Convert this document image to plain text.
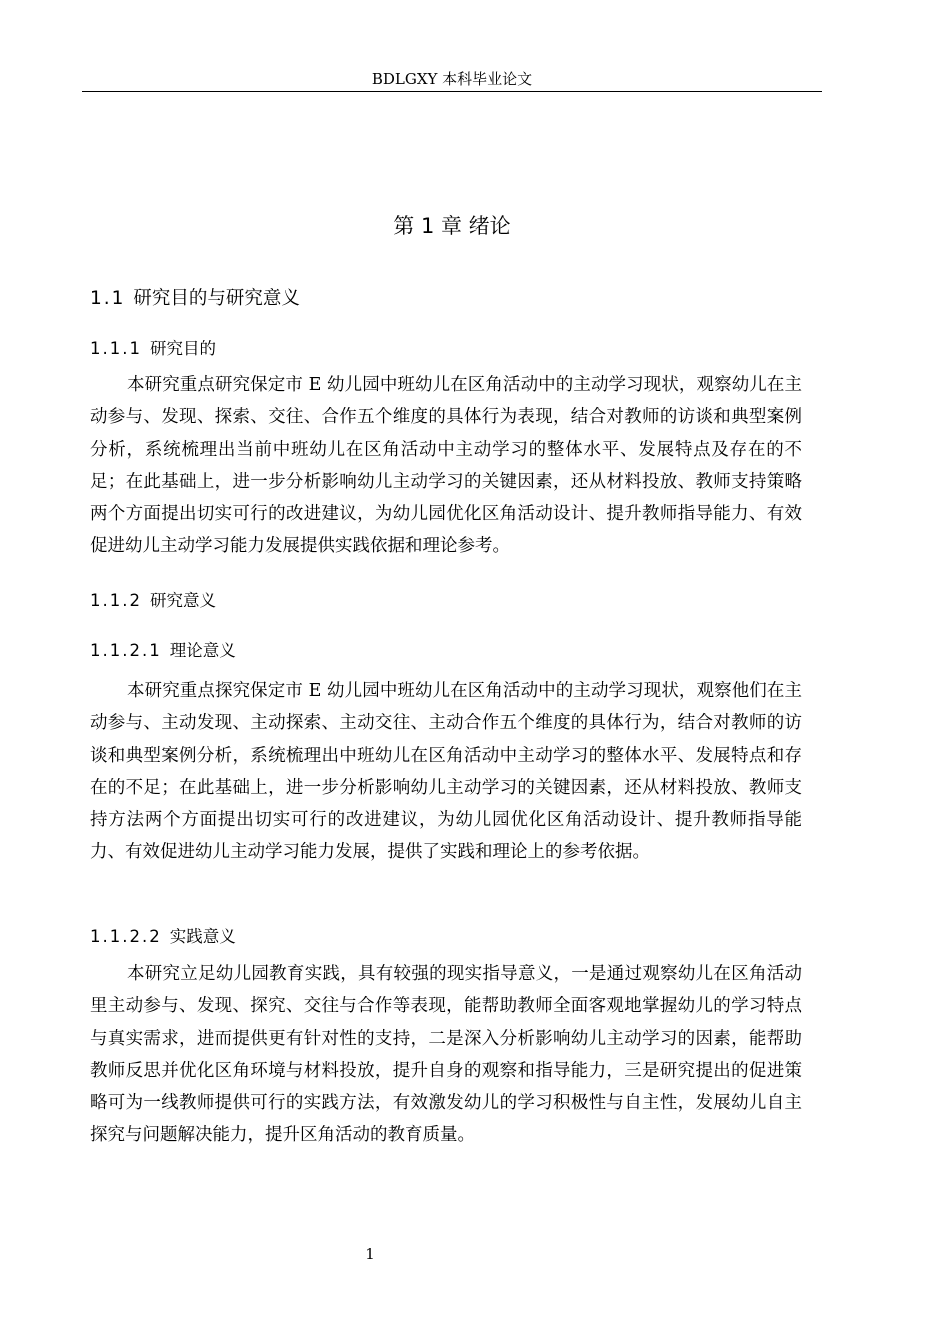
BDLGXY 本科毕业论文
第 1 章 绪论
1.1 研究目的与研究意义
1.1.1 研究目的

本研究重点研究保定市 E 幼儿园中班幼儿在区角活动中的主动学习现状，观察幼儿在主动参与、发现、探索、交往、合作五个维度的具体行为表现，结合对教师的访谈和典型案例分析，系统梳理出当前中班幼儿在区角活动中主动学习的整体水平、发展特点及存在的不足；在此基础上，进一步分析影响幼儿主动学习的关键因素，还从材料投放、教师支持策略两个方面提出切实可行的改进建议，为幼儿园优化区角活动设计、提升教师指导能力、有效促进幼儿主动学习能力发展提供实践依据和理论参考。

1.1.2 研究意义
1.1.2.1 理论意义

本研究重点探究保定市 E 幼儿园中班幼儿在区角活动中的主动学习现状，观察他们在主动参与、主动发现、主动探索、主动交往、主动合作五个维度的具体行为，结合对教师的访谈和典型案例分析，系统梳理出中班幼儿在区角活动中主动学习的整体水平、发展特点和存在的不足；在此基础上，进一步分析影响幼儿主动学习的关键因素，还从材料投放、教师支持方法两个方面提出切实可行的改进建议，为幼儿园优化区角活动设计、提升教师指导能力、有效促进幼儿主动学习能力发展，提供了实践和理论上的参考依据。

1.1.2.2 实践意义

本研究立足幼儿园教育实践，具有较强的现实指导意义，一是通过观察幼儿在区角活动里主动参与、发现、探究、交往与合作等表现，能帮助教师全面客观地掌握幼儿的学习特点与真实需求，进而提供更有针对性的支持，二是深入分析影响幼儿主动学习的因素，能帮助教师反思并优化区角环境与材料投放，提升自身的观察和指导能力，三是研究提出的促进策略可为一线教师提供可行的实践方法，有效激发幼儿的学习积极性与自主性，发展幼儿自主探究与问题解决能力，提升区角活动的教育质量。

1
